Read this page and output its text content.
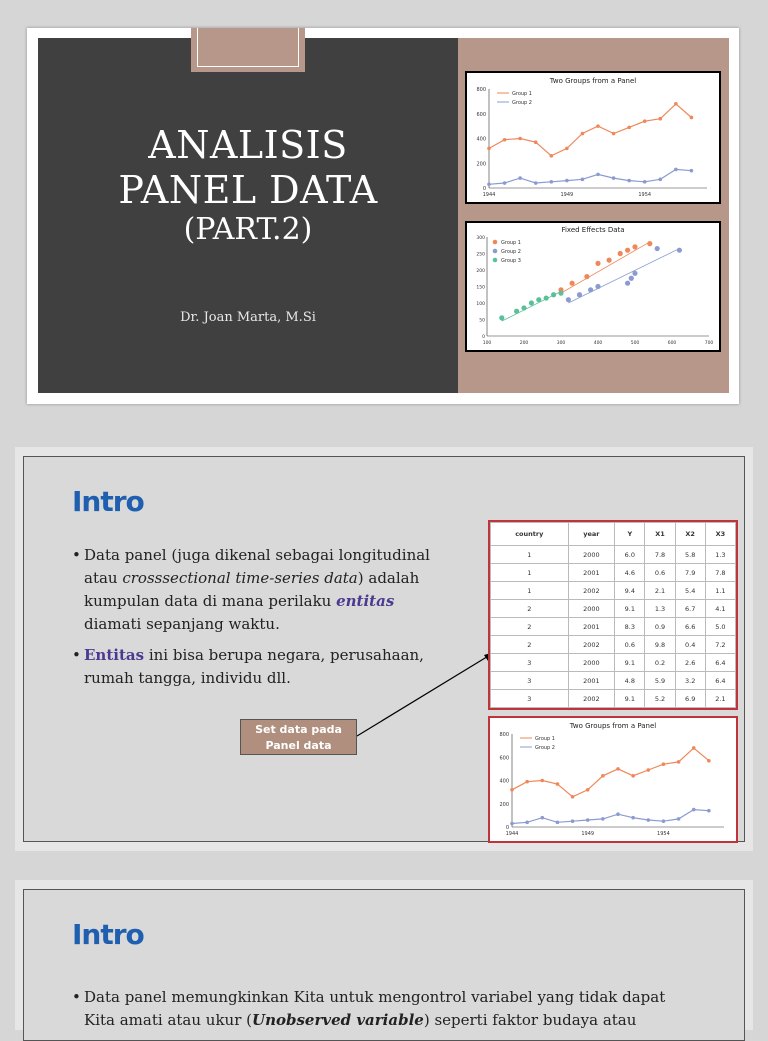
ANALISIS
PANEL DATA
(PART.2)
Dr. Joan Marta, M.Si
Two Groups from a Panel
0
200
400
600
800
1944	1949	1954
Group 1
Group 2
Fixed Effects Data
0
50
100
150
200
250
300
100	200	300	400	500	600	700
Group 1
Group 2
Group 3
Intro
• Data panel (juga dikenal sebagai longitudinal atau crosssectional time-series data) adalah kumpulan data di mana perilaku entitas diamati sepanjang waktu.
• Entitas ini bisa berupa negara, perusahaan, rumah tangga, individu dll.
Set data pada Panel data
country	year	Y	X1	X2	X3
1	2000	6.0	7.8	5.8	1.3
1	2001	4.6	0.6	7.9	7.8
1	2002	9.4	2.1	5.4	1.1
2	2000	9.1	1.3	6.7	4.1
2	2001	8.3	0.9	6.6	5.0
2	2002	0.6	9.8	0.4	7.2
3	2000	9.1	0.2	2.6	6.4
3	2001	4.8	5.9	3.2	6.4
3	2002	9.1	5.2	6.9	2.1
Two Groups from a Panel
0
200
400
600
800
1944	1949	1954
Group 1
Group 2
Intro
• Data panel memungkinkan Kita untuk mengontrol variabel yang tidak dapat
Kita amati atau ukur (Unobserved variable) seperti faktor budaya atau
